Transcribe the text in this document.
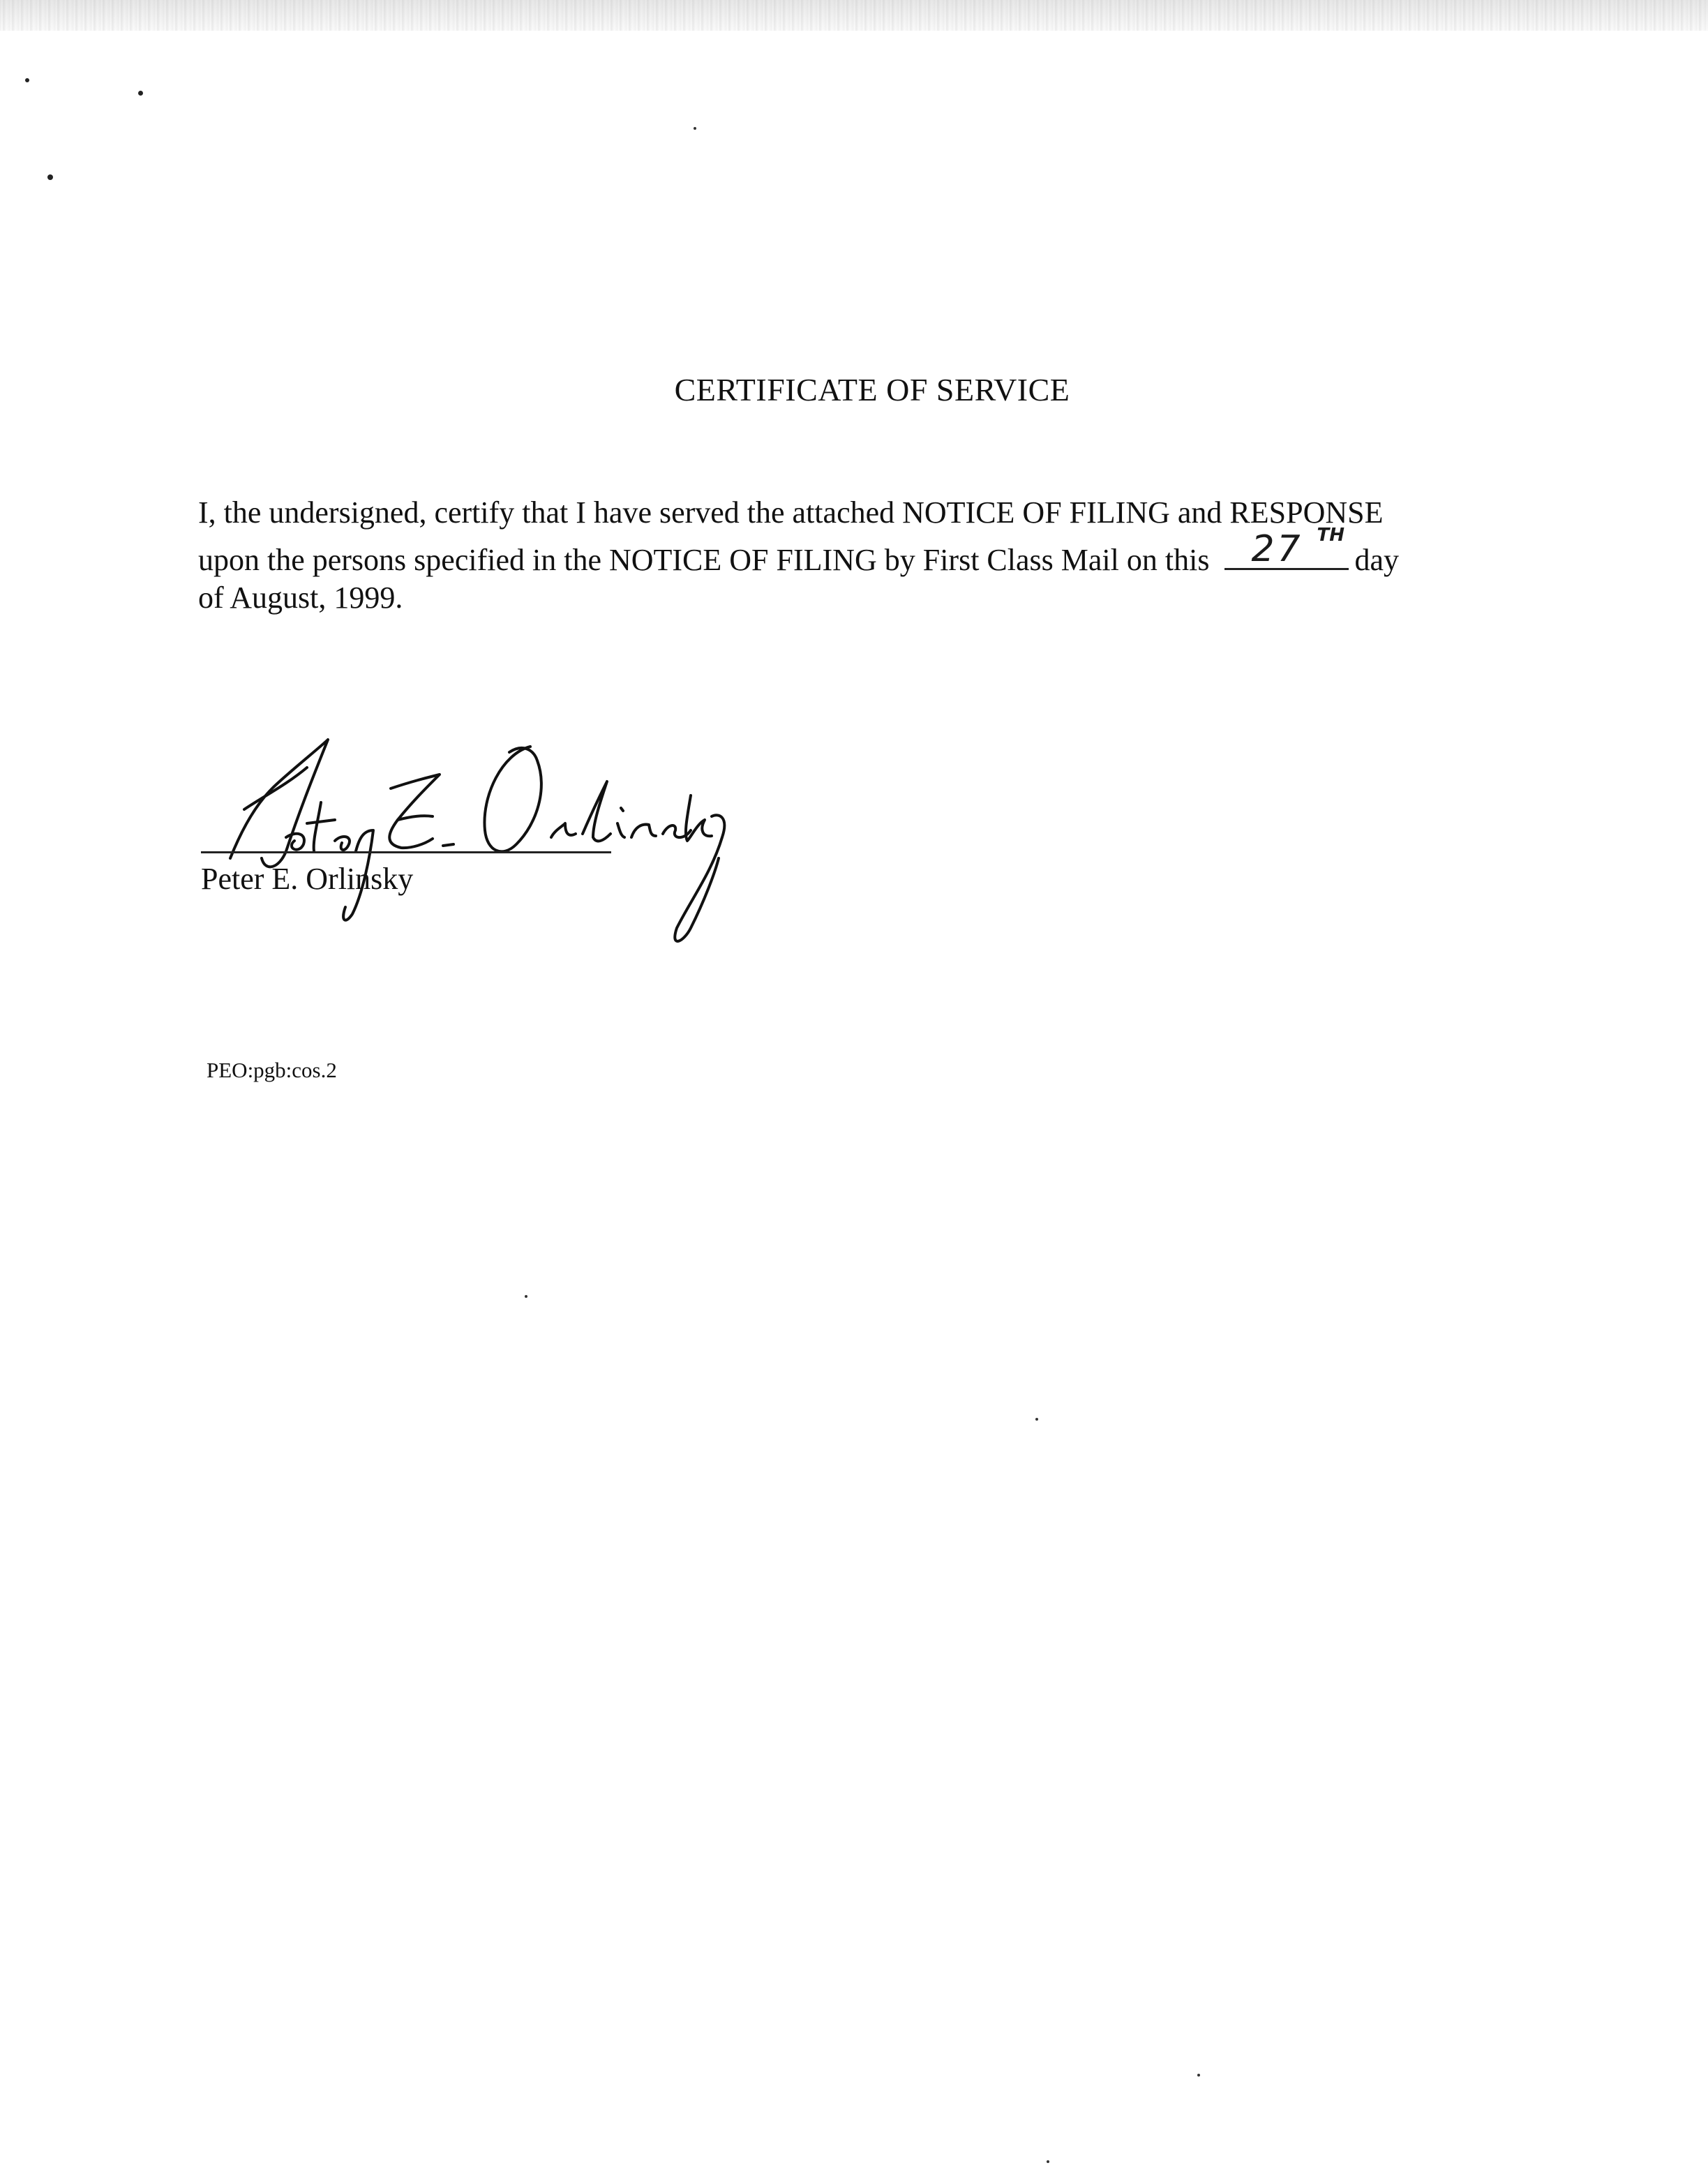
CERTIFICATE OF SERVICE
I, the undersigned, certify that I have served the attached NOTICE OF FILING and RESPONSE
upon the persons specified in the NOTICE OF FILING by First Class Mail on this 27 TH
day
of August, 1999.
Peter E. Orlinsky
PEO:pgb:cos.2
